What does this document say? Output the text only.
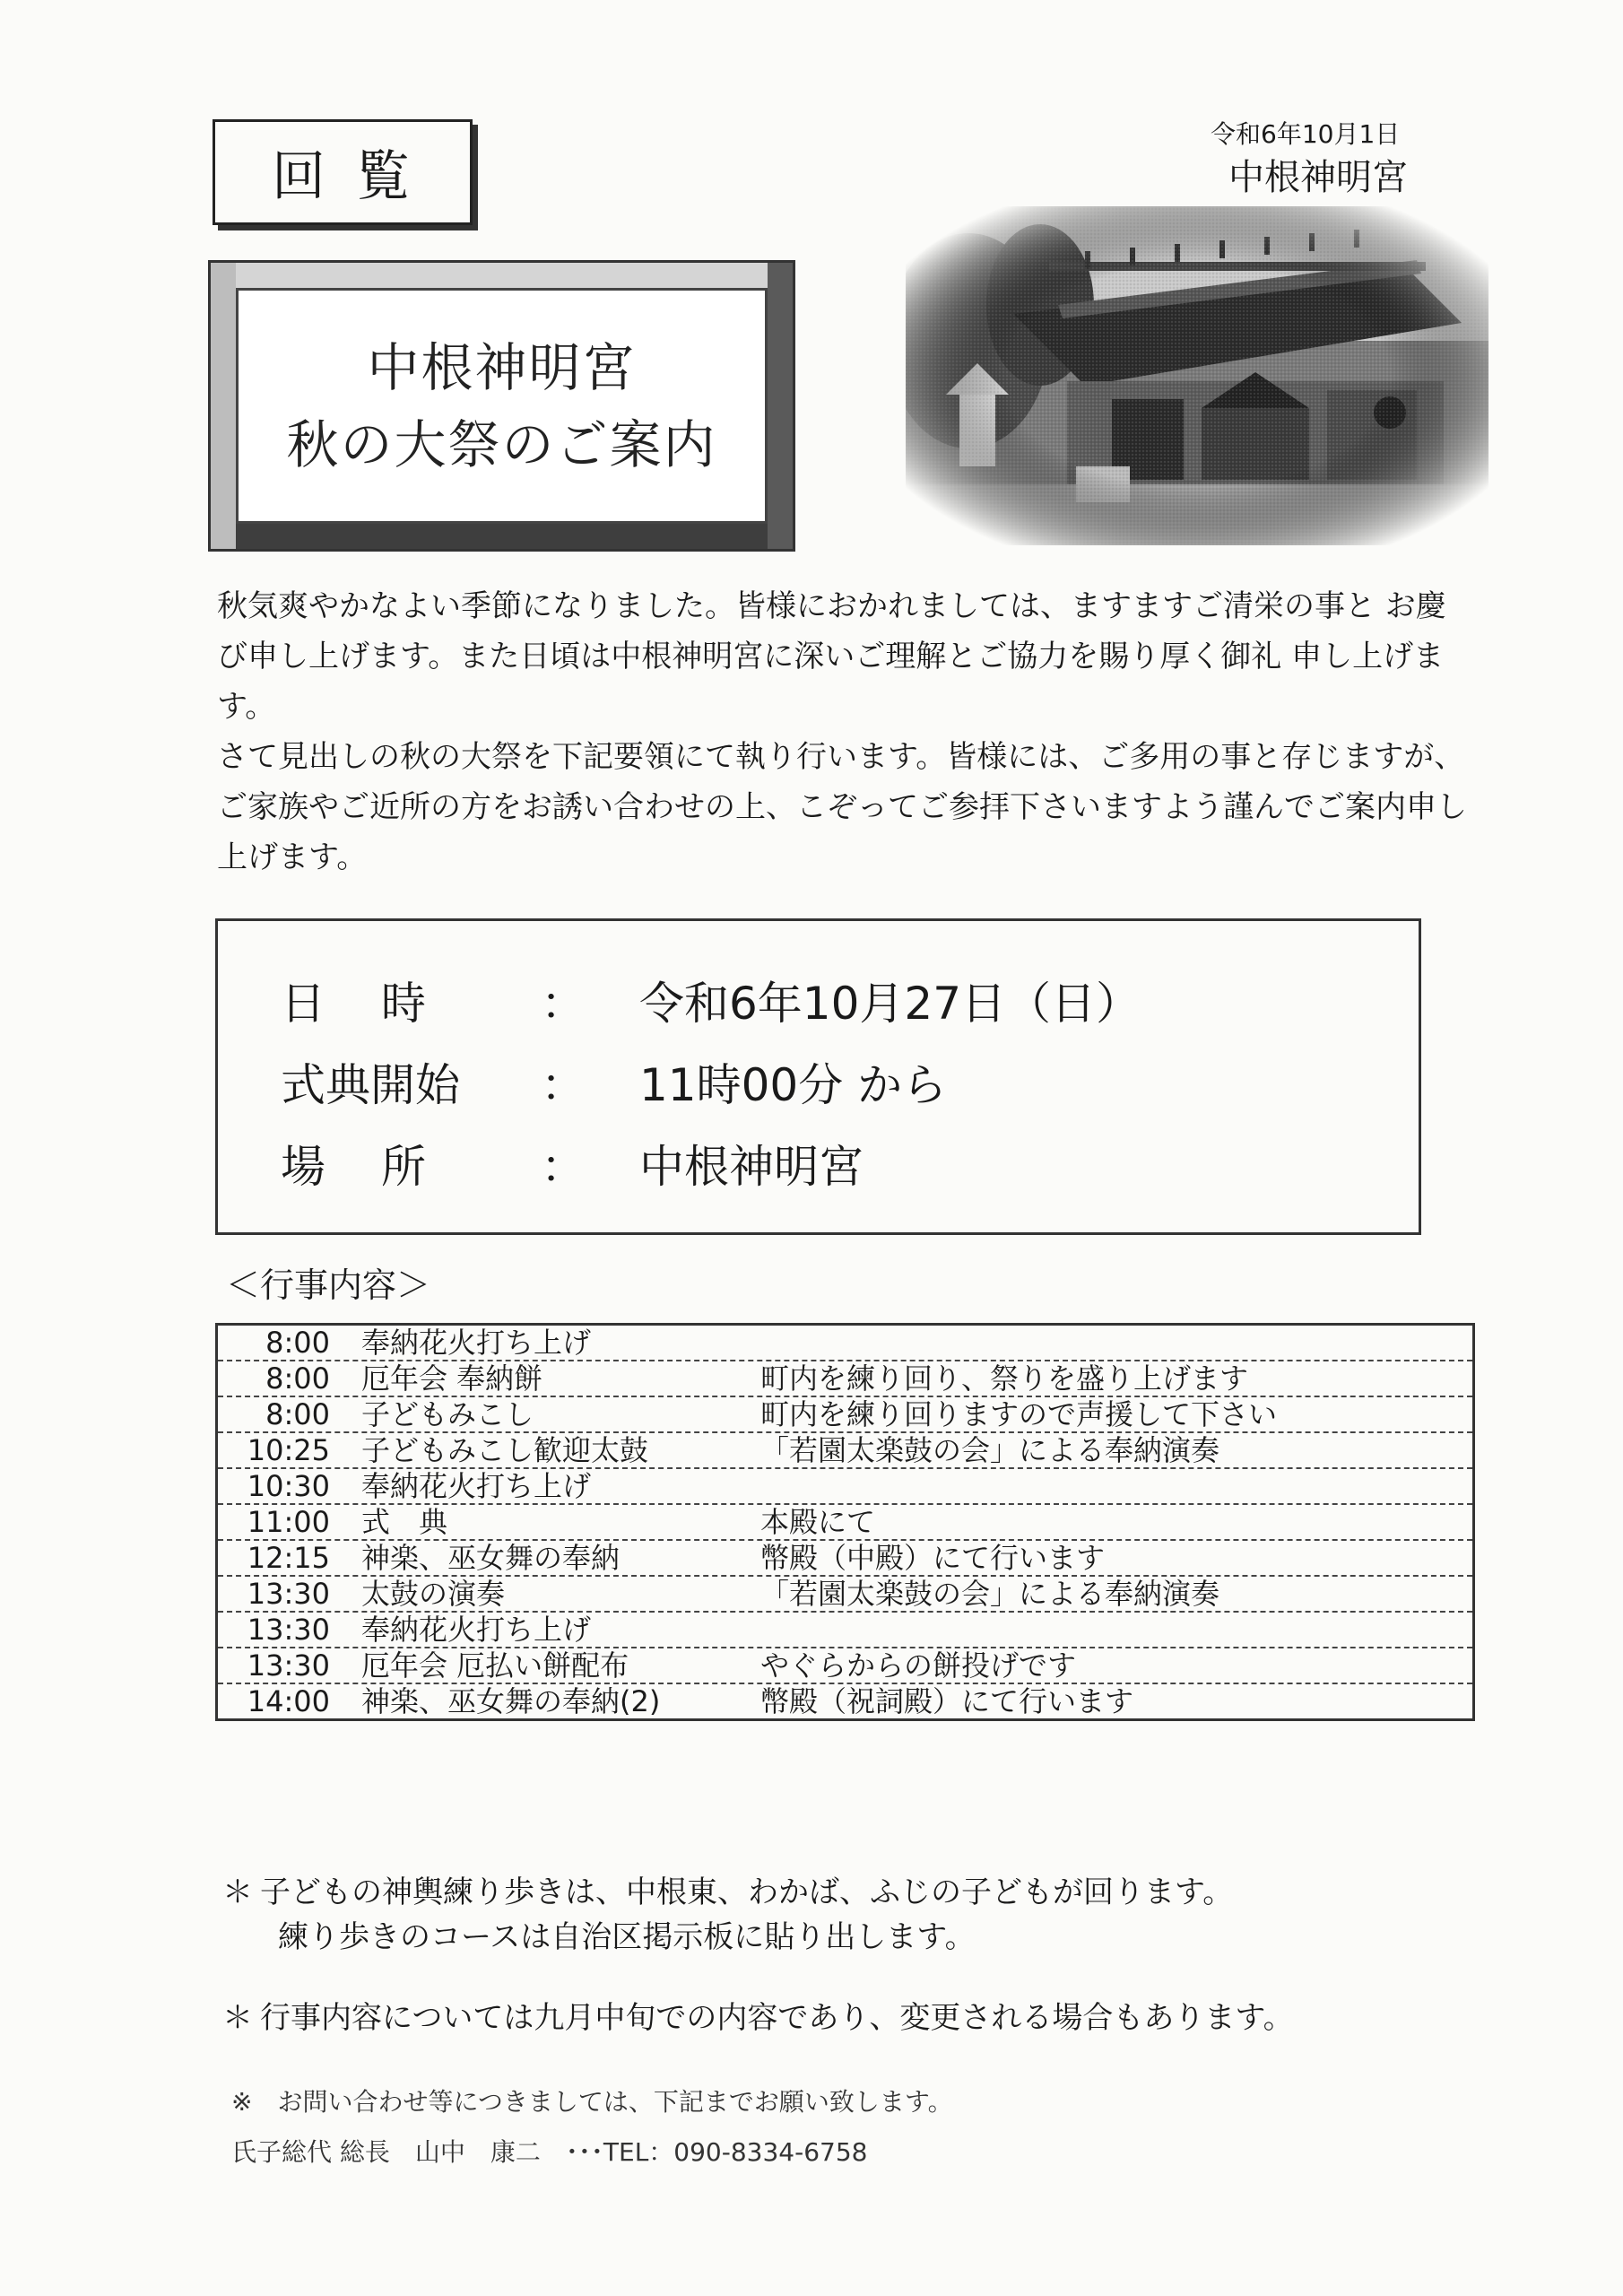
回覧
令和6年10月1日
中根神明宮
中根神明宮
秋の大祭のご案内

秋気爽やかなよい季節になりました。皆様におかれましては、ますますご清栄の事と お慶び申し上げます。また日頃は中根神明宮に深いご理解とご協力を賜り厚く御礼 申し上げます。

さて見出しの秋の大祭を下記要領にて執り行います。皆様には、ご多用の事と存じますが、ご家族やご近所の方をお誘い合わせの上、こぞってご参拝下さいますよう謹んでご案内申し上げます。

日　時	： 令和6年10月27日（日）
式典開始	： 11時00分 から
場　所	： 中根神明宮
＜行事内容＞
8:00 奉納花火打ち上げ
8:00 厄年会 奉納餅	町内を練り回り、祭りを盛り上げます
8:00 子どもみこし	町内を練り回りますので声援して下さい
10:25 子どもみこし歓迎太鼓	「若園太楽鼓の会」による奉納演奏
10:30 奉納花火打ち上げ
11:00 式　典	本殿にて
12:15 神楽、巫女舞の奉納	幣殿（中殿）にて行います
13:30 太鼓の演奏	「若園太楽鼓の会」による奉納演奏
13:30 奉納花火打ち上げ
13:30 厄年会 厄払い餅配布	やぐらからの餅投げです
14:00 神楽、巫女舞の奉納(2)	幣殿（祝詞殿）にて行います
＊ 子どもの神輿練り歩きは、中根東、わかば、ふじの子どもが回ります。
練り歩きのコースは自治区掲示板に貼り出します。
＊ 行事内容については九月中旬での内容であり、変更される場合もあります。
※　お問い合わせ等につきましては、下記までお願い致します。
氏子総代 総長　山中　康二　･･･TEL：090-8334-6758
